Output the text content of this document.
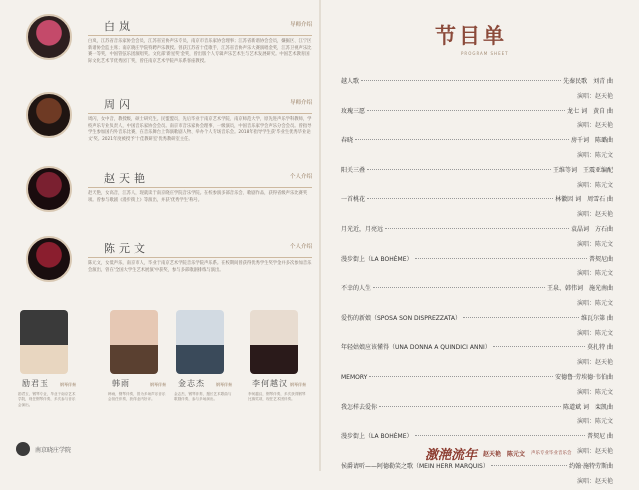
白岚	导师介绍

白岚，江苏省音乐家协会会员，江苏省宣协声乐专员，南京市音乐家协会理事；江苏省新谱协会会员，嫌掘区、江宁区新谱协会监主席；南京晓庄学院特聘声乐教授。曾获江苏省十佳歌手，江苏省音协声乐大赛演唱金奖，江苏卫视声乐比赛一等奖，中国管弦乐团演唱奖。文化部'新星奖'金奖，曾出版个人专辑声乐艺术生与艺术发展研究。中国艺术教育国际文化艺术节优秀园丁奖，曾任南京艺术学院声乐系客座教授。

周闪	导师介绍

周闪，女中音，教授级，硕士研究生。民盟盟员，先后毕业于南京艺术学院、南京师范大学，原先进声乐学科教师，学校声乐专业负责人，中国音乐家协会会员。南京市音乐家协会理事、一级演员，中国音乐家学会声乐分会会员。曾指导学生参加国内外音乐比赛，在音乐舞台上饰演歌剧人物、举办个人专场音乐会。2018年指导学生获'毕业生优秀毕业论文'奖。2021年度被授予'十佳教研室'优秀教研室主任。

赵天艳	个人介绍

赵天艳，女高音，江苏人，现就读于南京晓庄学院音乐学院。在校参演多部音乐会、歌剧作品，获得省级声乐比赛奖项。曾参与歌剧《漫步街上》等演出，并获'优秀学生'称号。

陈元文	个人介绍

陈元文，女低声乐，南京市人，毕业于南京艺术学院音乐学院声乐系。在校期间曾获得优秀学生奖学金并多次参加音乐会演出，曾在'全国大学生艺术展演'中获奖，参与多部歌剧排练与演出。

励君玉	钢琴伴奏

励君玉，钢琴专业，毕业于南京艺术学院，现任钢琴伴奏，多次参与音乐会演出。

韩雨	钢琴伴奏

韩雨，钢琴伴奏，曾为多场声乐音乐会担任伴奏，获得业内好评。

金志杰	钢琴伴奏

金志杰，钢琴伴奏，擅长艺术歌曲与歌剧伴奏，参与多场演出。

李何越汉 钢琴伴奏

李何越汉，钢琴伴奏，多次获得钢琴比赛奖项，现任艺术团伴奏。

南京晓庄学院
节目单
PROGRAM SHEET
越人歌	先秦民歌　刘青 曲
演唱：赵天艳
玫瑰三愿	龙七 词　黄自 曲
演唱：赵天艳
春晓	房千词　陈璐曲
演唱：陈元文
阳关三叠	王维等词　王震亚编配
演唱：陈元文
一首桃花	林徽因 词　周雪石 曲
演唱：赵天艳
月光近，月亮远	袁晶词　方石曲
演唱：陈元文
漫步街上（LA BOHÈME）	普契尼曲
演唱：陈元文
不幸的人生	王泉、韩伟词　施光南曲
演唱：陈元文
爱伤的新娘（SPOSA SON DISPREZZATA）	维瓦尔第 曲
演唱：陈元文
年轻姑娘应该懂得（UNA DONNA A QUINDICI ANNI）	莫扎特 曲
演唱：赵天艳
MEMORY	安德鲁·劳埃德·韦伯曲
演唱：陈元文
我怎样去爱你	陈道斌 词　栾凯曲
演唱：陈元文
漫步街上（LA BOHÈME）	普契尼 曲
演唱：赵天艳
侯爵请听——阿德勒笑之歌（MEIN HERR MARQUIS）	约翰·施特劳斯曲
演唱：赵天艳
激滟流年 赵天艳　陈元文 声乐专业毕业音乐会
